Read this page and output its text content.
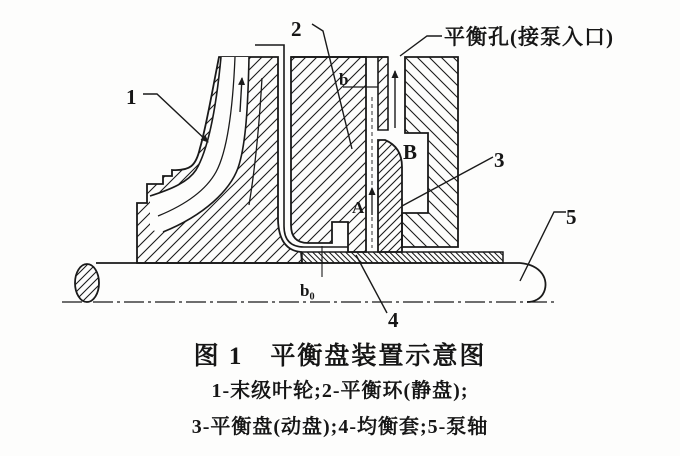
1
2
3
4
5
b
b₀
A
B
平衡孔(接泵入口)
图 1　平衡盘装置示意图
1-末级叶轮;2-平衡环(静盘);
3-平衡盘(动盘);4-均衡套;5-泵轴
